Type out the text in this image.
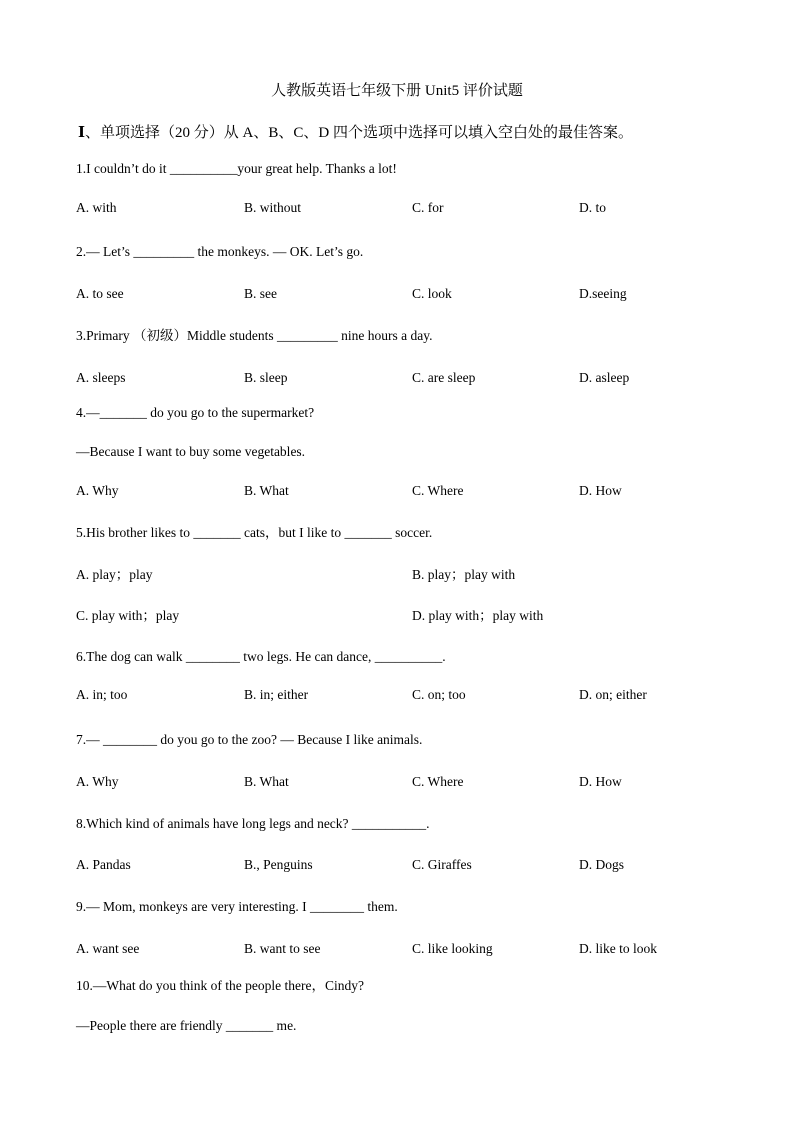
人教版英语七年级下册 Unit5 评价试题
Ⅰ、单项选择（20 分）从 A、B、C、D 四个选项中选择可以填入空白处的最佳答案。
1.I couldn’t do it __________your great help. Thanks a lot!
A. with	B. without	C. for	D. to
2.— Let’s _________ the monkeys. — OK. Let’s go.
A. to see	B. see	C. look	D.seeing
3.Primary （初级）Middle students _________ nine hours a day.
A. sleeps	B. sleep	C. are sleep	D. asleep
4.—_______ do you go to the supermarket?
—Because I want to buy some vegetables.
A. Why	B. What	C. Where	D. How
5.His brother likes to _______ cats，but I like to _______ soccer.
A. play；play	B. play；play with
C. play with；play	D. play with；play with
6.The dog can walk ________ two legs. He can dance, __________.
A. in; too	B. in; either	C. on; too	D. on; either
7.— ________ do you go to the zoo? — Because I like animals.
A. Why	B. What	C. Where	D. How
8.Which kind of animals have long legs and neck? ___________.
A. Pandas	B., Penguins	C. Giraffes	D. Dogs
9.— Mom, monkeys are very interesting. I ________ them.
A. want see	B. want to see	C. like looking	D. like to look
10.—What do you think of the people there，Cindy?
—People there are friendly _______ me.
